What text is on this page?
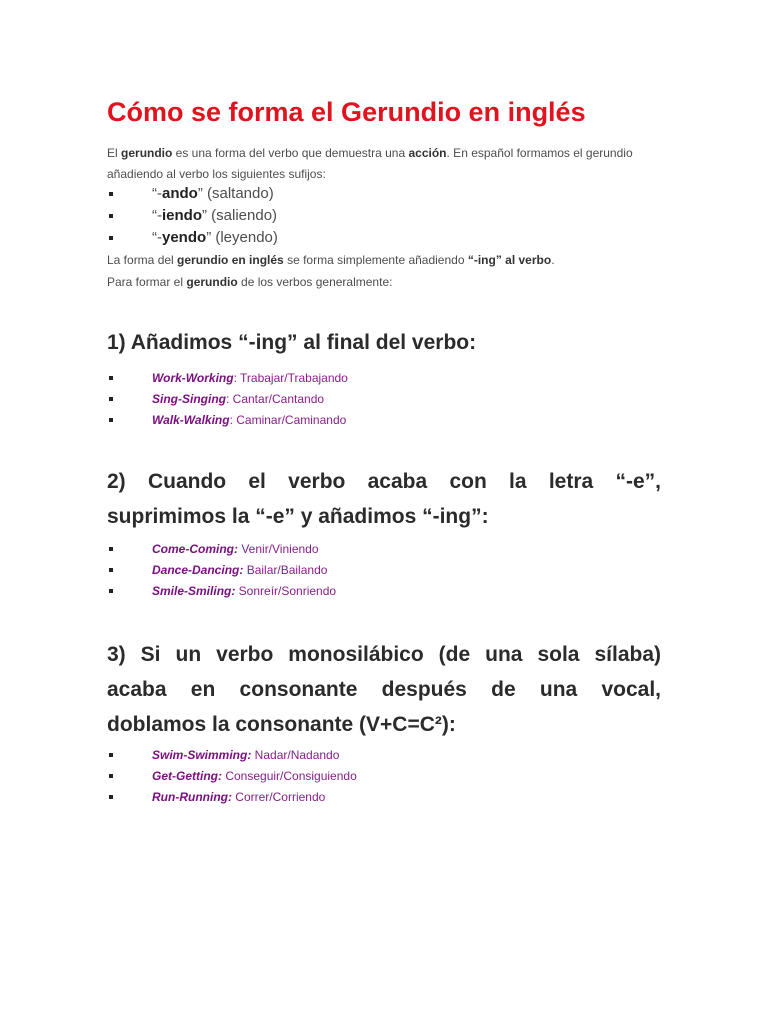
Cómo se forma el Gerundio en inglés

El gerundio es una forma del verbo que demuestra una acción. En español formamos el gerundio añadiendo al verbo los siguientes sufijos:

“-ando” (saltando)
“-iendo” (saliendo)
“-yendo” (leyendo)

La forma del gerundio en inglés se forma simplemente añadiendo “-ing” al verbo.

Para formar el gerundio de los verbos generalmente:

1) Añadimos “-ing” al final del verbo:
Work-Working: Trabajar/Trabajando
Sing-Singing: Cantar/Cantando
Walk-Walking: Caminar/Caminando
2) Cuando el verbo acaba con la letra “-e”,
suprimimos la “-e” y añadimos “-ing”:
Come-Coming: Venir/Viniendo
Dance-Dancing: Bailar/Bailando
Smile-Smiling: Sonreír/Sonriendo
3) Si un verbo monosilábico (de una sola sílaba)
acaba en consonante después de una vocal,
doblamos la consonante (V+C=C²):
Swim-Swimming: Nadar/Nadando
Get-Getting: Conseguir/Consiguiendo
Run-Running: Correr/Corriendo
